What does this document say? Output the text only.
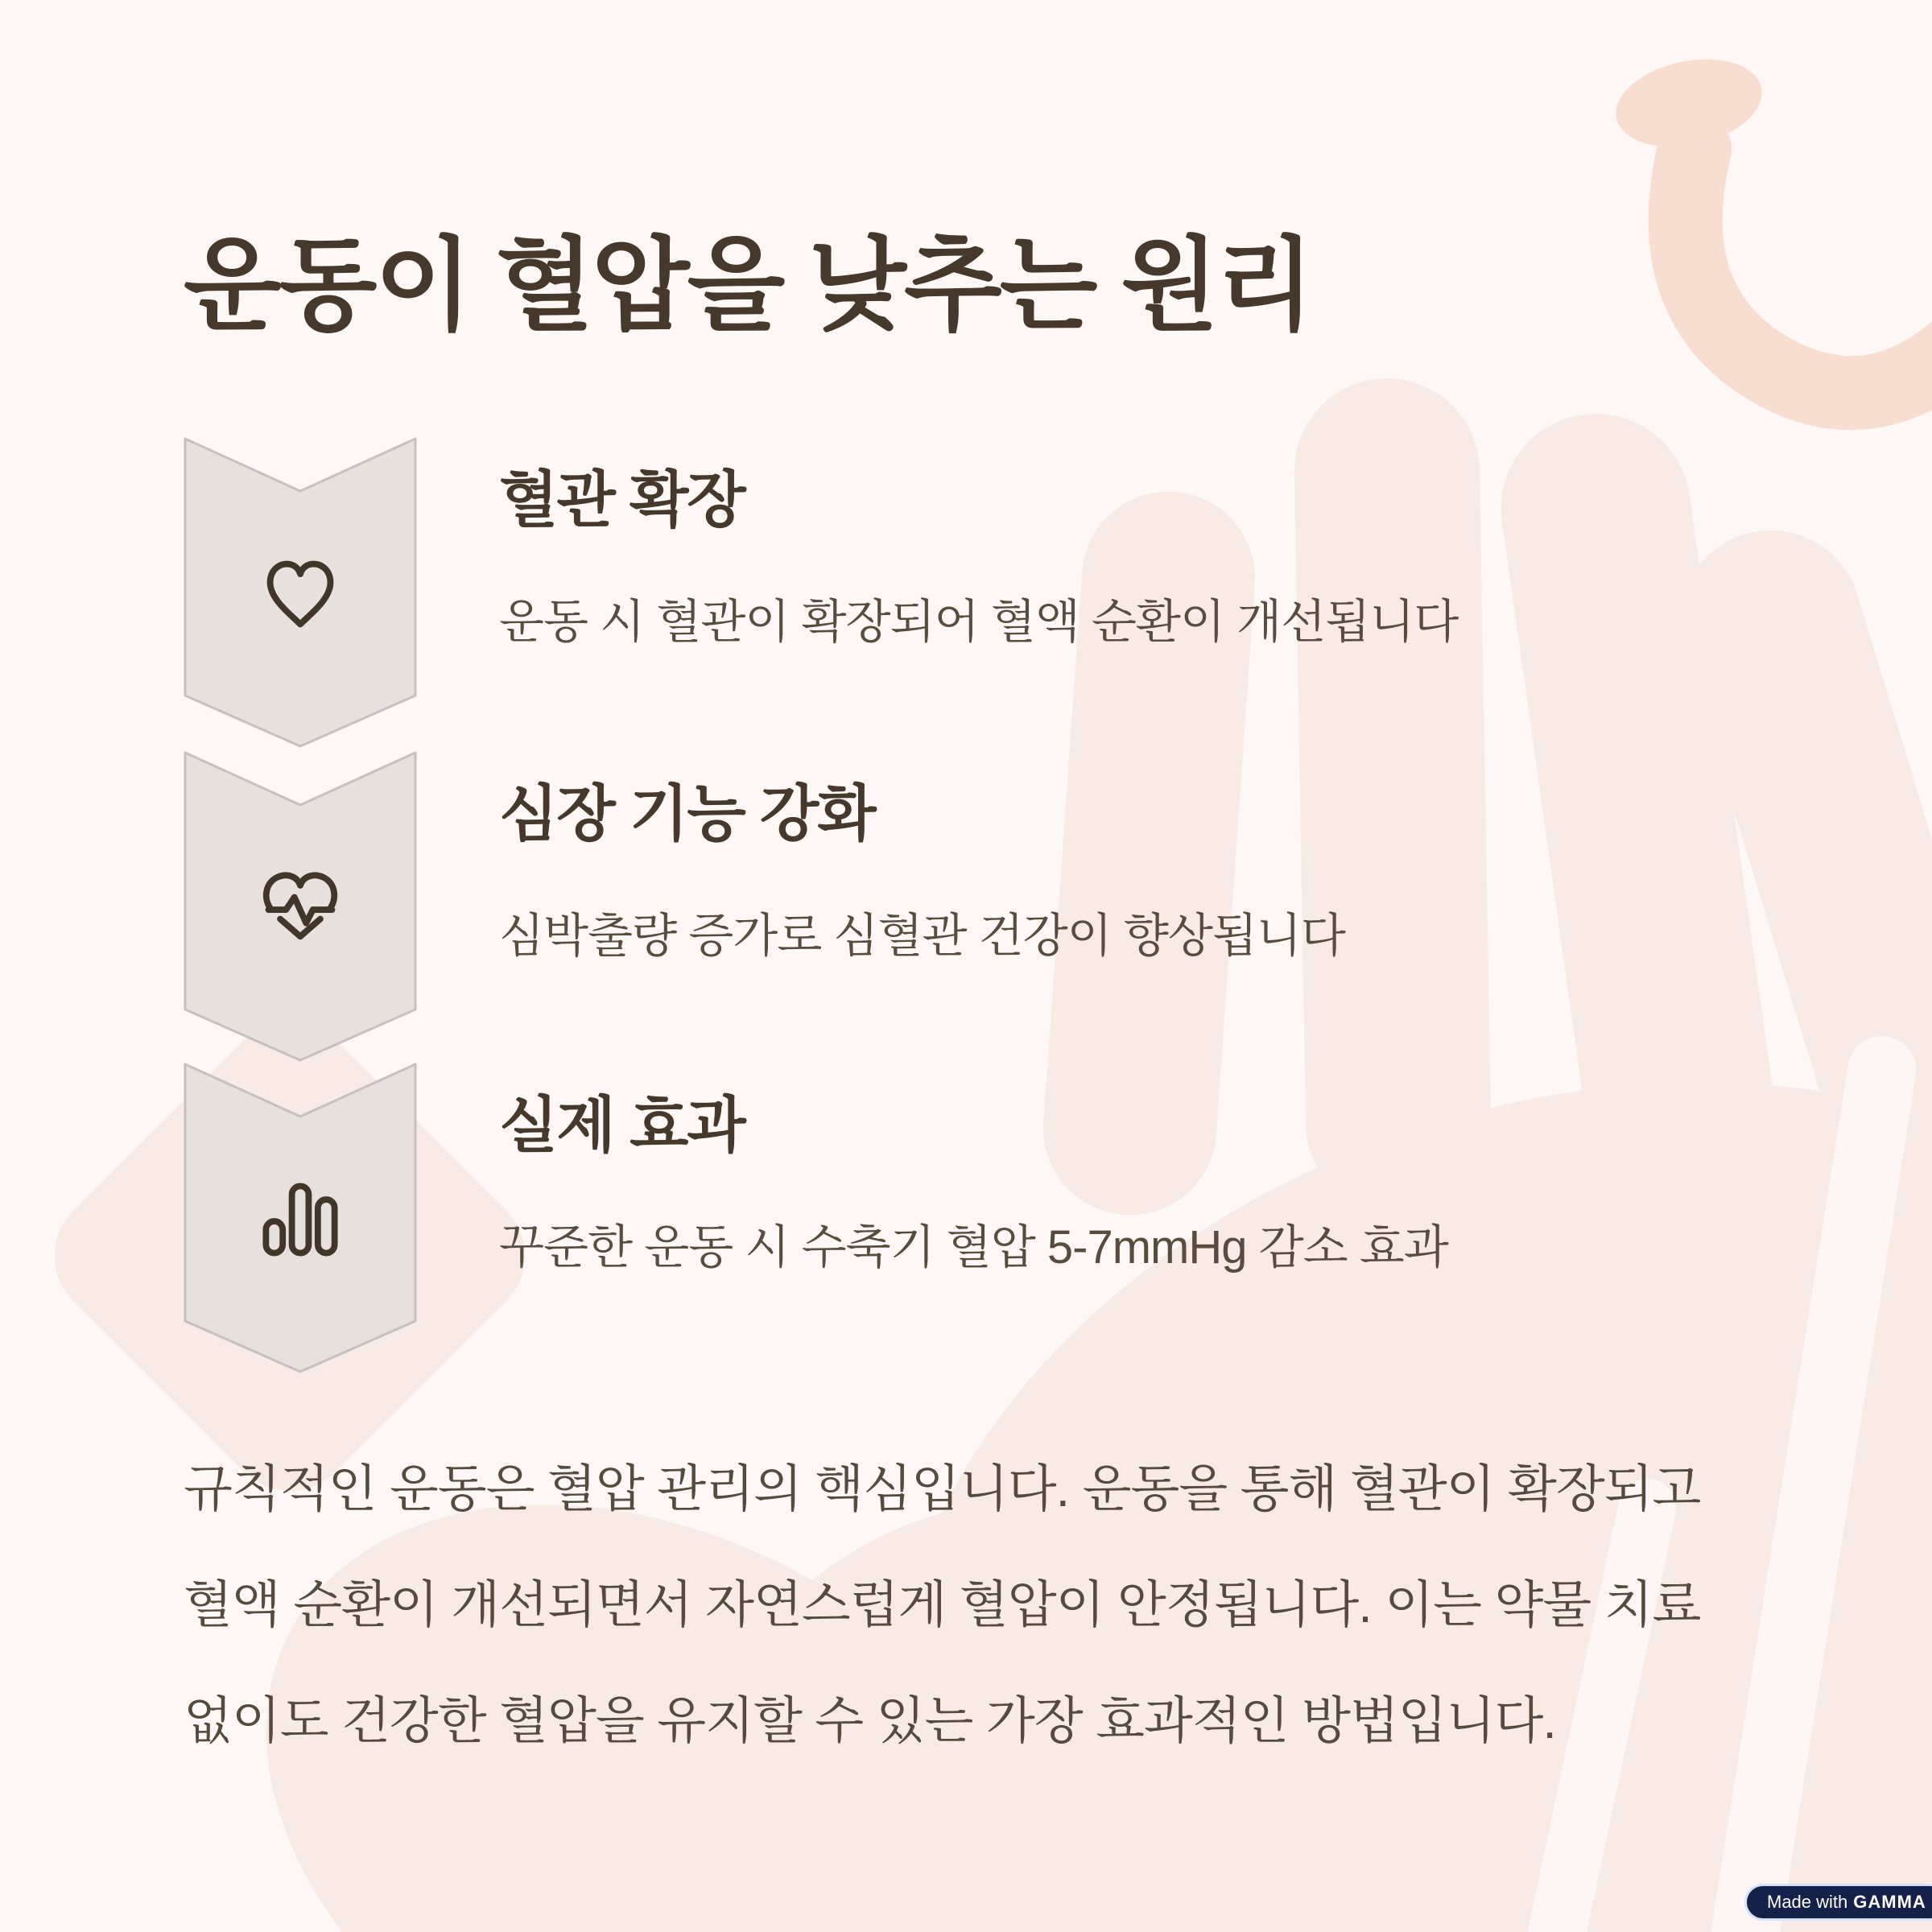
운동이 혈압을 낮추는 원리
혈관 확장
운동 시 혈관이 확장되어 혈액 순환이 개선됩니다
심장 기능 강화
심박출량 증가로 심혈관 건강이 향상됩니다
실제 효과
꾸준한 운동 시 수축기 혈압 5-7mmHg 감소 효과
규칙적인 운동은 혈압 관리의 핵심입니다. 운동을 통해 혈관이 확장되고
혈액 순환이 개선되면서 자연스럽게 혈압이 안정됩니다. 이는 약물 치료
없이도 건강한 혈압을 유지할 수 있는 가장 효과적인 방법입니다.
Made with GAMMA
